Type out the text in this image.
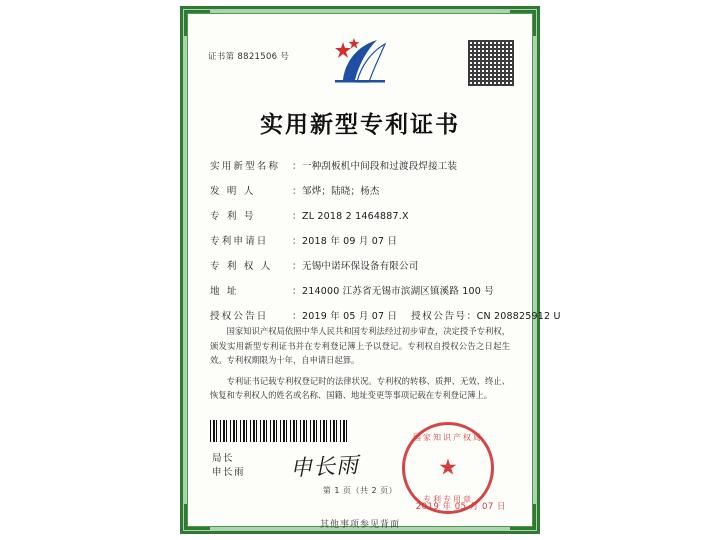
证书第 8821506 号
实用新型专利证书
实用新型名称	： 一种刮板机中间段和过渡段焊接工装
发 明 人	： 邹烨；陆晓；杨杰
专 利 号	： ZL 2018 2 1464887.X
专利申请日	： 2018 年 09 月 07 日
专 利 权 人	： 无锡中诺环保设备有限公司
地 址	： 214000 江苏省无锡市滨湖区镇溪路 100 号
授权公告日	： 2019 年 05 月 07 日 授权公告号 ： CN 208825912 U

国家知识产权局依照中华人民共和国专利法经过初步审查，决定授予专利权，颁发实用新型专利证书并在专利登记簿上予以登记。专利权自授权公告之日起生效。专利权期限为十年，自申请日起算。

专利证书记载专利权登记时的法律状况。专利权的转移、质押、无效、终止、恢复和专利权人的姓名或名称、国籍、地址变更等事项记载在专利登记簿上。

局长
申长雨 申长雨
国家知识产权局
★
专利专用章
2019 年 05 月 07 日
第 1 页（共 2 页）
其他事项参见背面
